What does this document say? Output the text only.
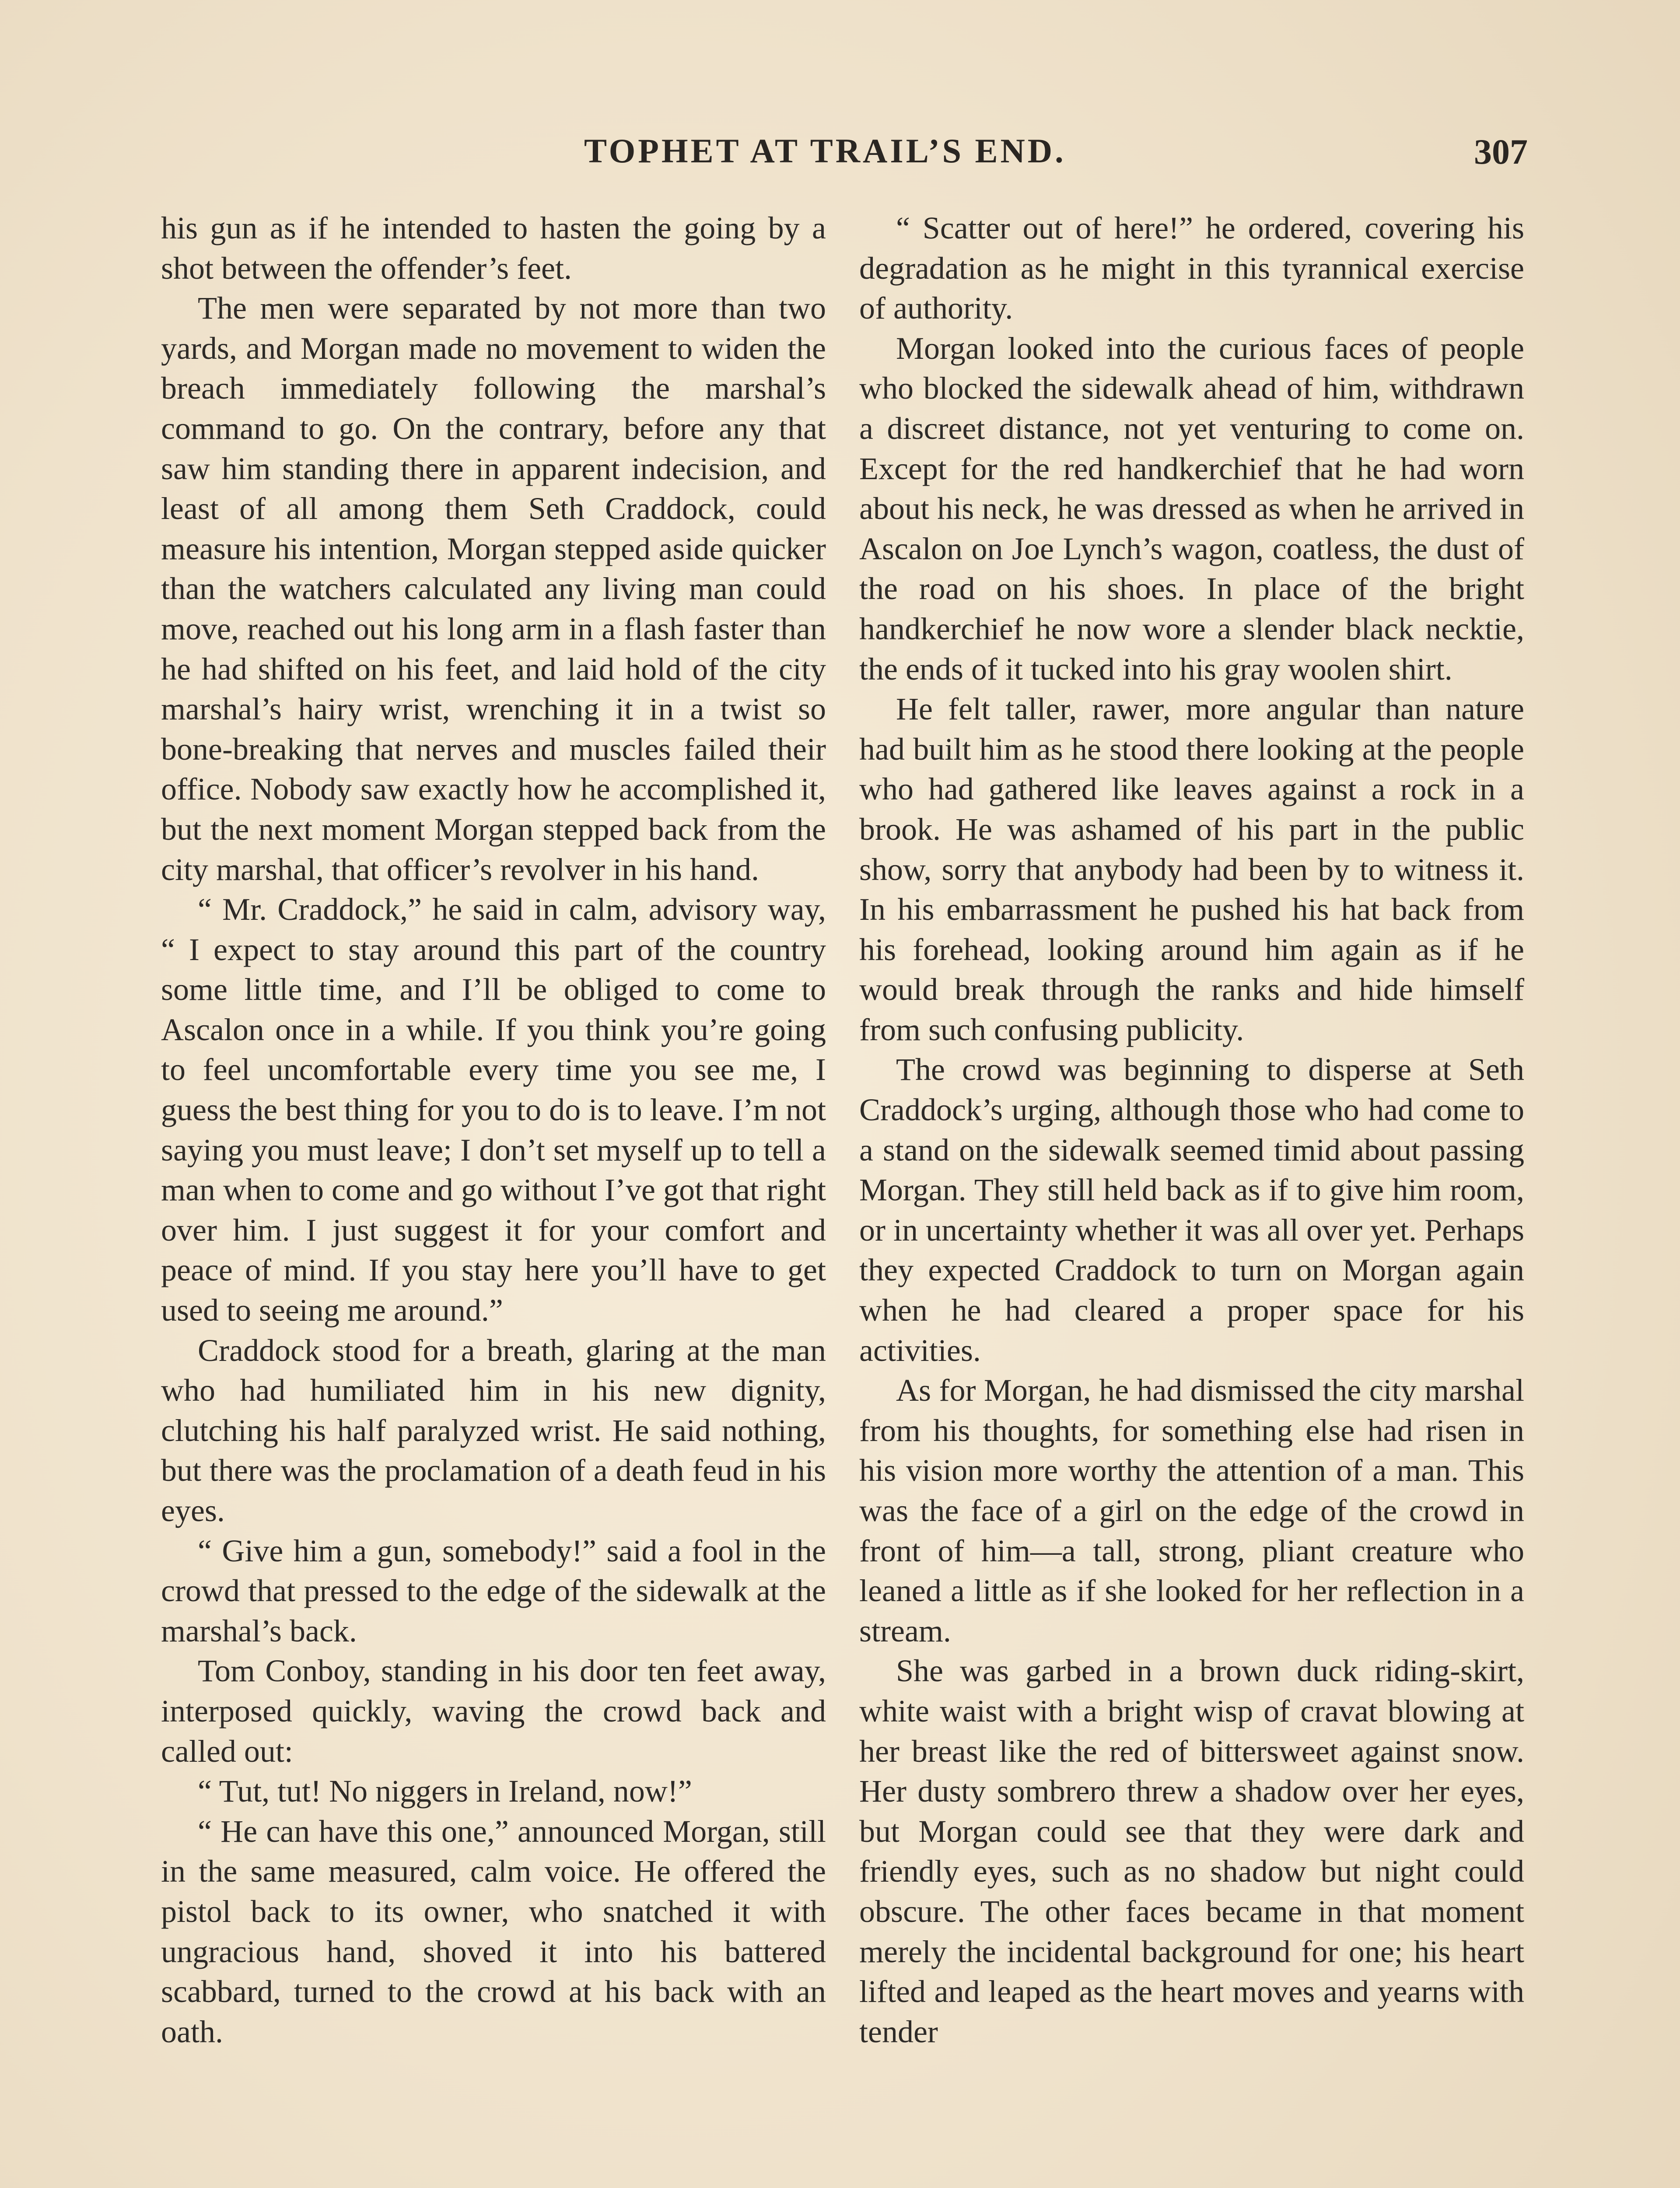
TOPHET AT TRAIL’S END.	307

his gun as if he intended to hasten the going by a shot between the offender’s feet.

The men were separated by not more than two yards, and Morgan made no movement to widen the breach immediately following the marshal’s command to go. On the contrary, before any that saw him standing there in apparent indecision, and least of all among them Seth Craddock, could measure his intention, Morgan stepped aside quicker than the watchers calculated any living man could move, reached out his long arm in a flash faster than he had shifted on his feet, and laid hold of the city marshal’s hairy wrist, wrenching it in a twist so bone-breaking that nerves and muscles failed their office. Nobody saw exactly how he accomplished it, but the next moment Morgan stepped back from the city marshal, that officer’s revolver in his hand.

“ Mr. Craddock,” he said in calm, advisory way, “ I expect to stay around this part of the country some little time, and I’ll be obliged to come to Ascalon once in a while. If you think you’re going to feel uncomfortable every time you see me, I guess the best thing for you to do is to leave. I’m not saying you must leave; I don’t set myself up to tell a man when to come and go without I’ve got that right over him. I just suggest it for your comfort and peace of mind. If you stay here you’ll have to get used to seeing me around.”

Craddock stood for a breath, glaring at the man who had humiliated him in his new dignity, clutching his half paralyzed wrist. He said nothing, but there was the proclamation of a death feud in his eyes.

“ Give him a gun, somebody!” said a fool in the crowd that pressed to the edge of the sidewalk at the marshal’s back.

Tom Conboy, standing in his door ten feet away, interposed quickly, waving the crowd back and called out:

“ Tut, tut! No niggers in Ireland, now!”

“ He can have this one,” announced Morgan, still in the same measured, calm voice. He offered the pistol back to its owner, who snatched it with ungracious hand, shoved it into his battered scabbard, turned to the crowd at his back with an oath.

“ Scatter out of here!” he ordered, covering his degradation as he might in this tyrannical exercise of authority.

Morgan looked into the curious faces of people who blocked the sidewalk ahead of him, withdrawn a discreet distance, not yet venturing to come on. Except for the red handkerchief that he had worn about his neck, he was dressed as when he arrived in Ascalon on Joe Lynch’s wagon, coatless, the dust of the road on his shoes. In place of the bright handkerchief he now wore a slender black necktie, the ends of it tucked into his gray woolen shirt.

He felt taller, rawer, more angular than nature had built him as he stood there looking at the people who had gathered like leaves against a rock in a brook. He was ashamed of his part in the public show, sorry that anybody had been by to witness it. In his embarrassment he pushed his hat back from his forehead, looking around him again as if he would break through the ranks and hide himself from such confusing publicity.

The crowd was beginning to disperse at Seth Craddock’s urging, although those who had come to a stand on the sidewalk seemed timid about passing Morgan. They still held back as if to give him room, or in uncertainty whether it was all over yet. Perhaps they expected Craddock to turn on Morgan again when he had cleared a proper space for his activities.

As for Morgan, he had dismissed the city marshal from his thoughts, for something else had risen in his vision more worthy the attention of a man. This was the face of a girl on the edge of the crowd in front of him—a tall, strong, pliant creature who leaned a little as if she looked for her reflection in a stream.

She was garbed in a brown duck riding-skirt, white waist with a bright wisp of cravat blowing at her breast like the red of bittersweet against snow. Her dusty sombrero threw a shadow over her eyes, but Morgan could see that they were dark and friendly eyes, such as no shadow but night could obscure. The other faces became in that moment merely the incidental background for one; his heart lifted and leaped as the heart moves and yearns with tender
